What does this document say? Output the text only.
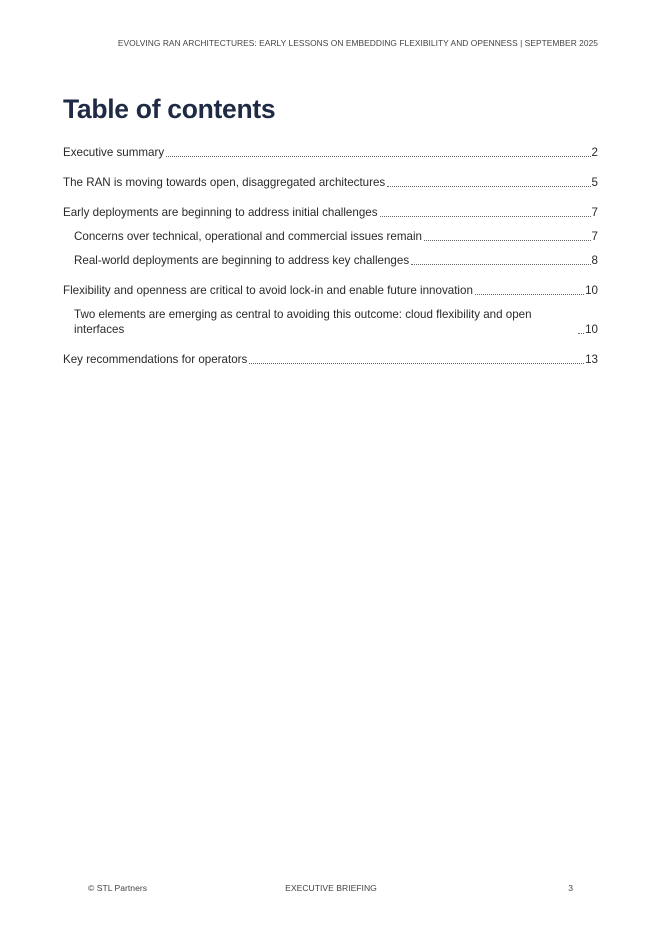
EVOLVING RAN ARCHITECTURES: EARLY LESSONS ON EMBEDDING FLEXIBILITY AND OPENNESS | SEPTEMBER 2025
Table of contents
Executive summary	2
The RAN is moving towards open, disaggregated architectures	5
Early deployments are beginning to address initial challenges	7
Concerns over technical, operational and commercial issues remain	7
Real-world deployments are beginning to address key challenges	8
Flexibility and openness are critical to avoid lock-in and enable future innovation	10
Two elements are emerging as central to avoiding this outcome: cloud flexibility and open interfaces	10
Key recommendations for operators	13
© STL Partners	EXECUTIVE BRIEFING	3
